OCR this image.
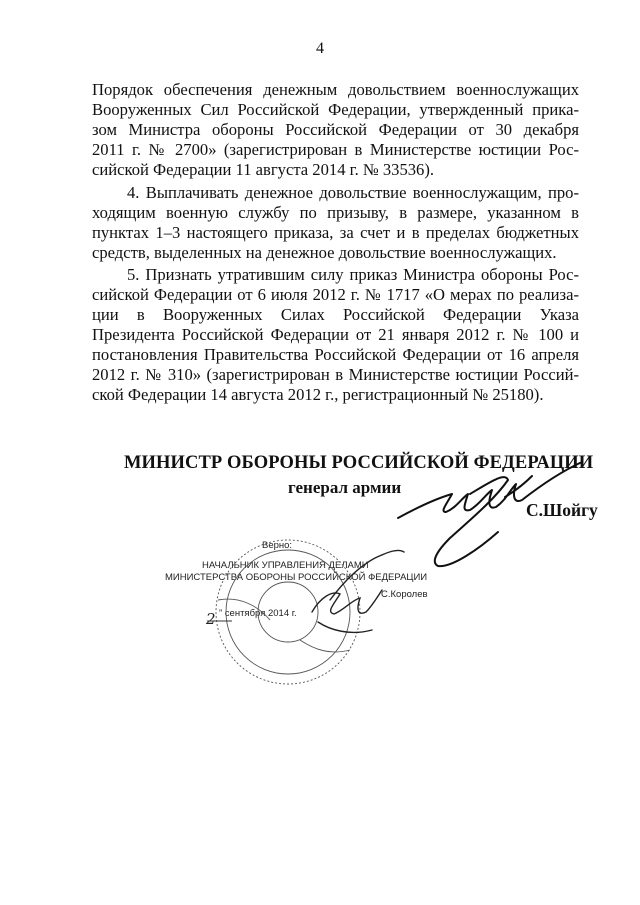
4
Порядок обеспечения денежным довольствием военнослужащих
Вооруженных Сил Российской Федерации, утвержденный прика-
зом Министра обороны Российской Федерации от 30 декабря
2011 г. № 2700» (зарегистрирован в Министерстве юстиции Рос-
сийской Федерации 11 августа 2014 г. № 33536).
4. Выплачивать денежное довольствие военнослужащим, про-
ходящим военную службу по призыву, в размере, указанном в
пунктах 1–3 настоящего приказа, за счет и в пределах бюджетных
средств, выделенных на денежное довольствие военнослужащих.
5. Признать утратившим силу приказ Министра обороны Рос-
сийской Федерации от 6 июля 2012 г. № 1717 «О мерах по реализа-
ции в Вооруженных Силах Российской Федерации Указа
Президента Российской Федерации от 21 января 2012 г. № 100 и
постановления Правительства Российской Федерации от 16 апреля
2012 г. № 310» (зарегистрирован в Министерстве юстиции Россий-
ской Федерации 14 августа 2012 г., регистрационный № 25180).
МИНИСТР ОБОРОНЫ РОССИЙСКОЙ ФЕДЕРАЦИИ
генерал армии
С.Шойгу
Верно:
НАЧАЛЬНИК УПРАВЛЕНИЯ ДЕЛАМИ
МИНИСТЕРСТВА ОБОРОНЫ РОССИЙСКОЙ ФЕДЕРАЦИИ
С.Королев
2 ” сентября 2014 г.
